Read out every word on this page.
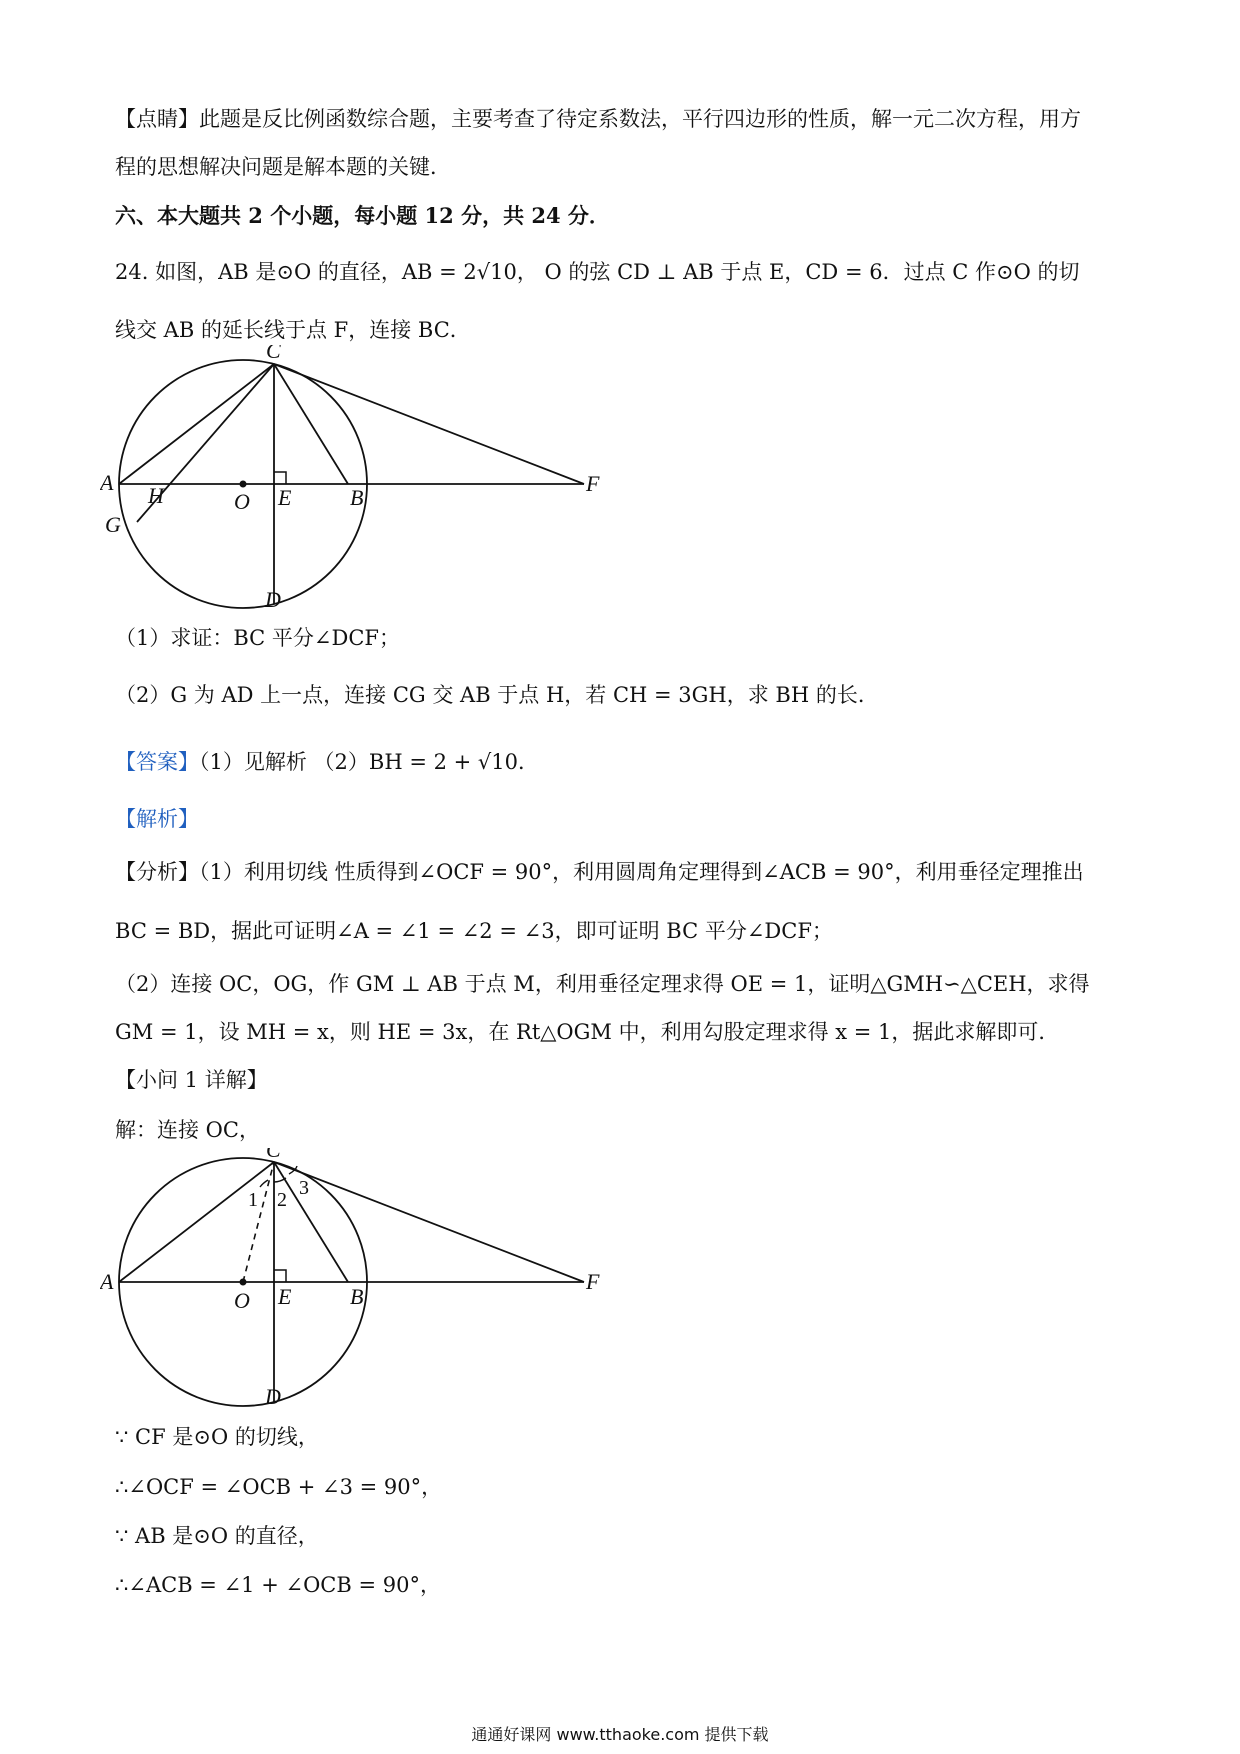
【点睛】此题是反比例函数综合题，主要考查了待定系数法，平行四边形的性质，解一元二次方程，用方
程的思想解决问题是解本题的关键．
六、本大题共 2 个小题，每小题 12 分，共 24 分．
24. 如图，AB 是⊙O 的直径，AB = 2√10， O 的弦 CD ⊥ AB 于点 E，CD = 6．过点 C 作⊙O 的切
线交 AB 的延长线于点 F，连接 BC．
C
A
H	O E	B
F
G
D
（1）求证：BC 平分∠DCF；
（2）G 为 AD 上一点，连接 CG 交 AB 于点 H，若 CH = 3GH，求 BH 的长．
【答案】（1）见解析 （2）BH = 2 + √10．
【解析】
【分析】（1）利用切线 性质得到∠OCF = 90°，利用圆周角定理得到∠ACB = 90°，利用垂径定理推出
BC = BD，据此可证明∠A = ∠1 = ∠2 = ∠3，即可证明 BC 平分∠DCF；
（2）连接 OC，OG，作 GM ⊥ AB 于点 M，利用垂径定理求得 OE = 1，证明△GMH∽△CEH，求得
GM = 1，设 MH = x，则 HE = 3x，在 Rt△OGM 中，利用勾股定理求得 x = 1，据此求解即可．
【小问 1 详解】
解：连接 OC，
C
1 2
3
A
O E	B
F
D
∵ CF 是⊙O 的切线，
∴∠OCF = ∠OCB + ∠3 = 90°，
∵ AB 是⊙O 的直径，
∴∠ACB = ∠1 + ∠OCB = 90°，
通通好课网 www.tthaoke.com 提供下载
